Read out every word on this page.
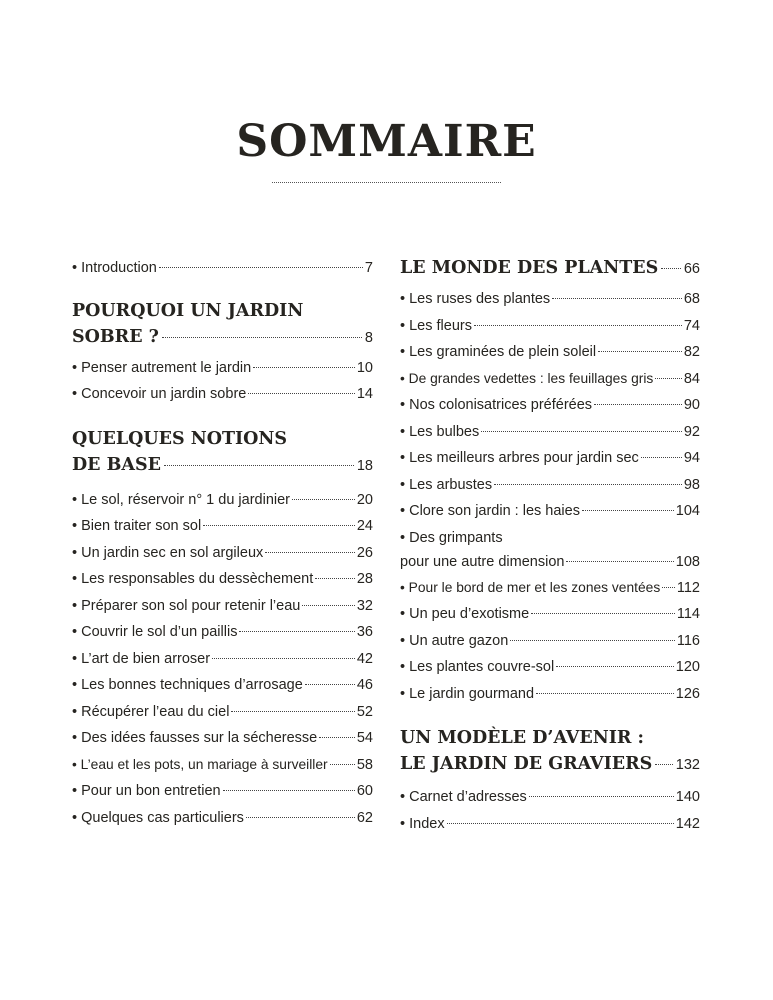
SOMMAIRE
• Introduction	7
POURQUOI UN JARDIN
SOBRE ?	8
• Penser autrement le jardin	10
• Concevoir un jardin sobre	14
QUELQUES NOTIONS
DE BASE	18
• Le sol, réservoir n° 1 du jardinier	20
• Bien traiter son sol	24
• Un jardin sec en sol argileux	26
• Les responsables du dessèchement	28
• Préparer son sol pour retenir l’eau	32
• Couvrir le sol d’un paillis	36
• L’art de bien arroser	42
• Les bonnes techniques d’arrosage	46
• Récupérer l’eau du ciel	52
• Des idées fausses sur la sécheresse	54
• L’eau et les pots, un mariage à surveiller 58
• Pour un bon entretien	60
• Quelques cas particuliers	62
LE MONDE DES PLANTES 66
• Les ruses des plantes	68
• Les fleurs	74
• Les graminées de plein soleil	82
• De grandes vedettes : les feuillages gris 84
• Nos colonisatrices préférées	90
• Les bulbes	92
• Les meilleurs arbres pour jardin sec	94
• Les arbustes	98
• Clore son jardin : les haies	104
• Des grimpants
pour une autre dimension	108
• Pour le bord de mer et les zones ventées 112
• Un peu d’exotisme	114
• Un autre gazon	116
• Les plantes couvre-sol	120
• Le jardin gourmand	126
UN MODÈLE D’AVENIR :
LE JARDIN DE GRAVIERS 132
• Carnet d’adresses	140
• Index	142
